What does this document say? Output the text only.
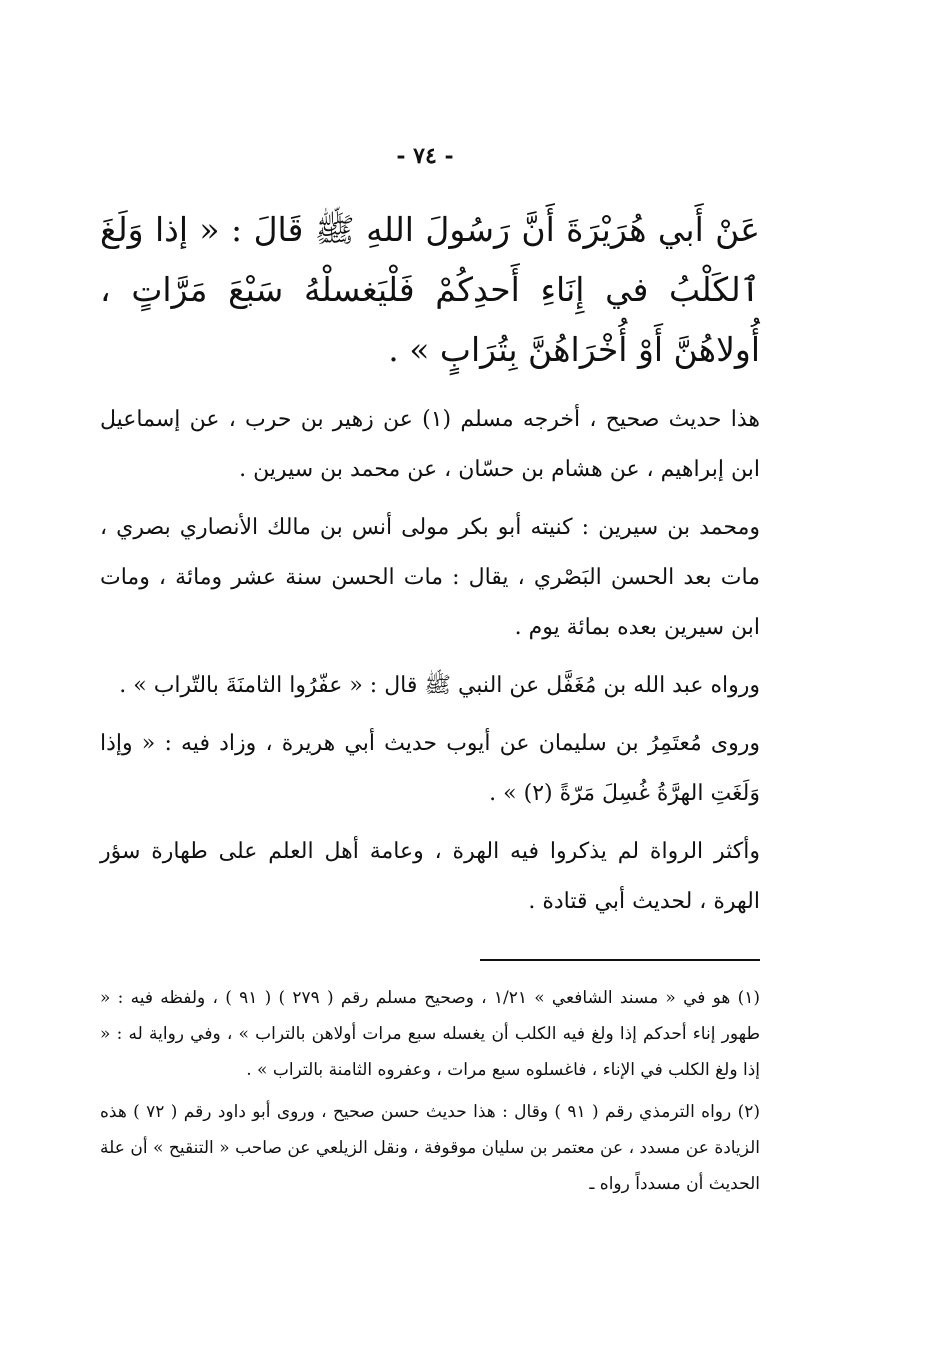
- ٧٤ -
عَنْ أَبي هُرَيْرَةَ أَنَّ رَسُولَ اللهِ ﷺ قَالَ : « إذا وَلَغَ ٱلكَلْبُ في إِنَاءِ أَحدِكُمْ فَلْيَغسلْهُ سَبْعَ مَرَّاتٍ ، أُولاهُنَّ أَوْ أُخْرَاهُنَّ بِتُرَابٍ » .

هذا حديث صحيح ، أخرجه مسلم (١) عن زهير بن حرب ، عن إسماعيل ابن إبراهيم ، عن هشام بن حسّان ، عن محمد بن سيرين .

ومحمد بن سيرين : كنيته أبو بكر مولى أنس بن مالك الأنصاري بصري ، مات بعد الحسن البَصْري ، يقال : مات الحسن سنة عشر ومائة ، ومات ابن سيرين بعده بمائة يوم .

ورواه عبد الله بن مُغَفَّل عن النبي ﷺ قال : « عفّرُوا الثامنَةَ بالتّراب » .

وروى مُعتَمِرُ بن سليمان عن أيوب حديث أبي هريرة ، وزاد فيه : « وإذا وَلَغَتِ الهرَّةُ غُسِلَ مَرّةً (٢) » .

وأكثر الرواة لم يذكروا فيه الهرة ، وعامة أهل العلم على طهارة سؤر الهرة ، لحديث أبي قتادة .

(١) هو في « مسند الشافعي » ١/٢١ ، وصحيح مسلم رقم ( ٢٧٩ ) ( ٩١ ) ، ولفظه فيه : « طهور إناء أحدكم إذا ولغ فيه الكلب أن يغسله سبع مرات أولاهن بالتراب » ، وفي رواية له : « إذا ولغ الكلب في الإناء ، فاغسلوه سبع مرات ، وعفروه الثامنة بالتراب » .

(٢) رواه الترمذي رقم ( ٩١ ) وقال : هذا حديث حسن صحيح ، وروى أبو داود رقم ( ٧٢ ) هذه الزيادة عن مسدد ، عن معتمر بن سليان موقوفة ، ونقل الزيلعي عن صاحب « التنقيح » أن علة الحديث أن مسدداً رواه ـ
